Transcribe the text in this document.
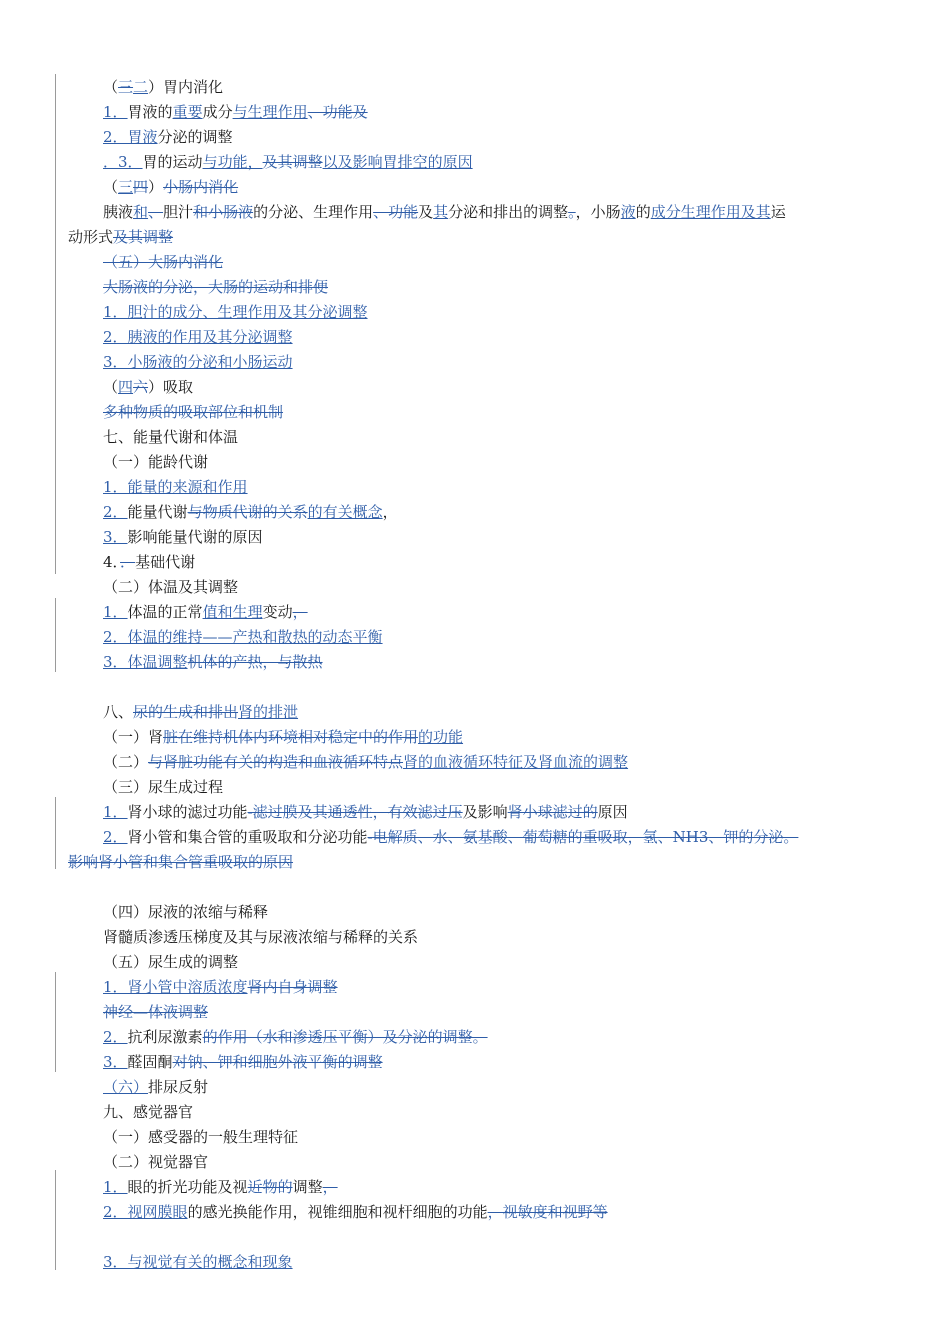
（三二）胃内消化
1．胃液的重要成分与生理作用、功能及
2．胃液分泌的调整
．3．胃的运动与功能，及其调整以及影响胃排空的原因
（三四）小肠内消化
胰液和、胆汁和小肠液的分泌、生理作用、功能及其分泌和排出的调整。，小肠液的成分生理作用及其运
动形式及其调整
（五）大肠内消化
大肠液的分泌，大肠的运动和排便
1．胆汁的成分、生理作用及其分泌调整
2．胰液的作用及其分泌调整
3．小肠液的分泌和小肠运动
（四六）吸取
多种物质的吸取部位和机制
七、能量代谢和体温
（一）能龄代谢
1．能量的来源和作用
2．能量代谢与物质代谢的关系的有关概念，
3．影响能量代谢的原因
4．．基础代谢
（二）体温及其调整
1．体温的正常值和生理变动，
2．体温的维持——产热和散热的动态平衡
3．体温调整机体的产热，与散热
八、尿的生成和排出肾的排泄
（一）肾脏在维持机体内环境相对稳定中的作用的功能
（二）与肾脏功能有关的构造和血液循环特点肾的血液循环特征及肾血流的调整
（三）尿生成过程
1．肾小球的滤过功能-滤过膜及其通透性，有效滤过压及影响肾小球滤过的原因
2．肾小管和集合管的重吸取和分泌功能-电解质、水、氨基酸、葡萄糖的重吸取，氢、NH3、钾的分泌。
影响肾小管和集合管重吸取的原因
（四）尿液的浓缩与稀释
肾髓质渗透压梯度及其与尿液浓缩与稀释的关系
（五）尿生成的调整
1．肾小管中溶质浓度肾内自身调整
神经—体液调整
2．抗利尿激素的作用（水和渗透压平衡）及分泌的调整。
3．醛固酮对钠、钾和细胞外液平衡的调整
（六）排尿反射
九、感觉器官
（一）感受器的一般生理特征
（二）视觉器官
1．眼的折光功能及视近物的调整，
2．视网膜眼的感光换能作用，视锥细胞和视杆细胞的功能，视敏度和视野等
3．与视觉有关的概念和现象
